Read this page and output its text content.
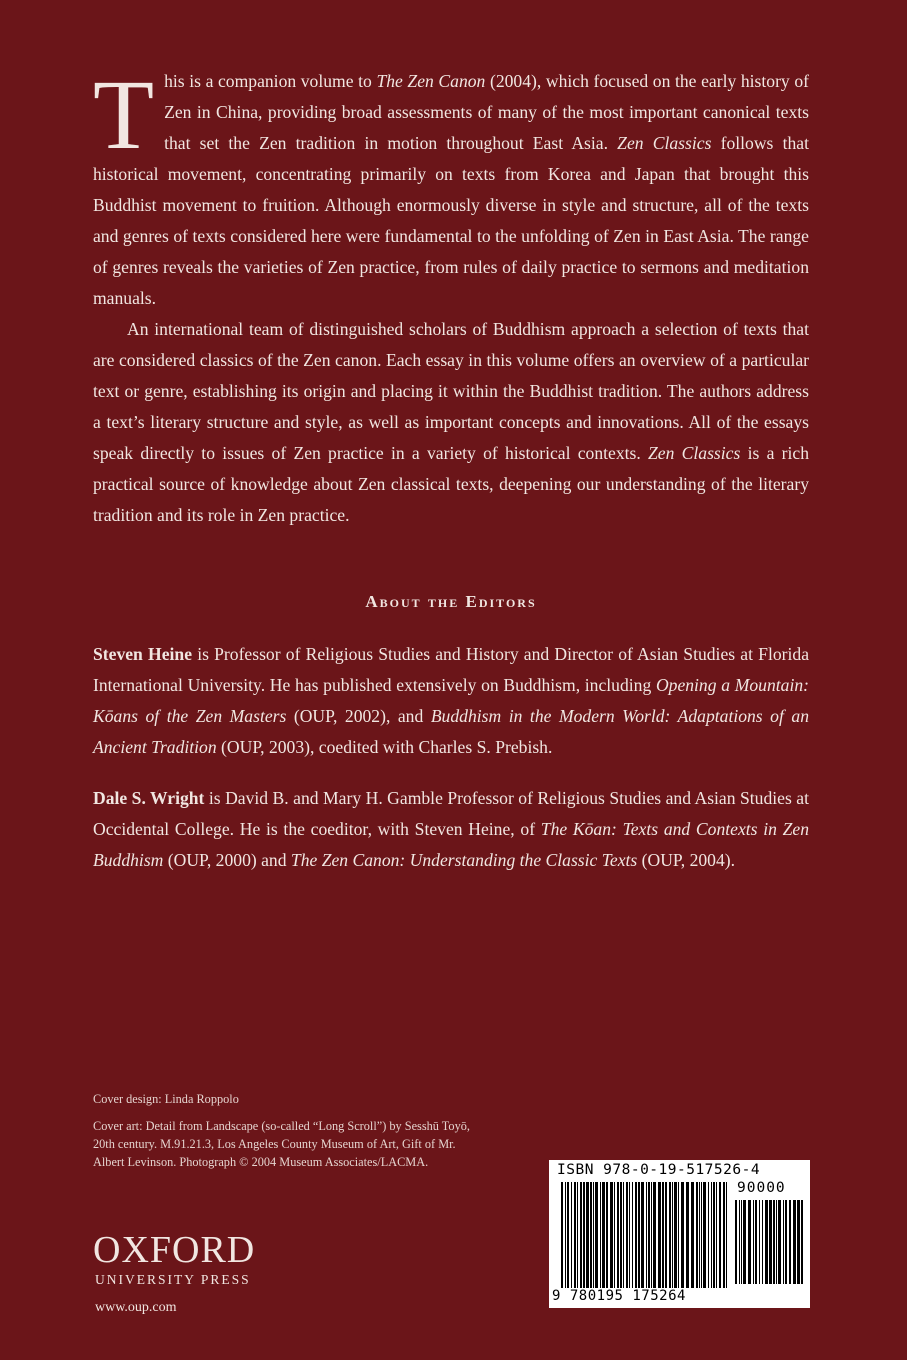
T his is a companion volume to The Zen Canon (2004), which focused on the early history of Zen in China, providing broad assessments of many of the most important canonical texts that set the Zen tradition in motion throughout East Asia. Zen Classics follows that historical movement, concentrating primarily on texts from Korea and Japan that brought this Buddhist movement to fruition. Although enormously diverse in style and structure, all of the texts and genres of texts considered here were fundamental to the unfolding of Zen in East Asia. The range of genres reveals the varieties of Zen practice, from rules of daily practice to sermons and meditation manuals.

An international team of distinguished scholars of Buddhism approach a selection of texts that are considered classics of the Zen canon. Each essay in this volume offers an overview of a particular text or genre, establishing its origin and placing it within the Buddhist tradition. The authors address a text’s literary structure and style, as well as important concepts and innovations. All of the essays speak directly to issues of Zen practice in a variety of historical contexts. Zen Classics is a rich practical source of knowledge about Zen classical texts, deepening our understanding of the literary tradition and its role in Zen practice.

About the Editors

Steven Heine is Professor of Religious Studies and History and Director of Asian Studies at Florida International University. He has published extensively on Buddhism, including Opening a Mountain: Kōans of the Zen Masters (OUP, 2002), and Buddhism in the Modern World: Adaptations of an Ancient Tradition (OUP, 2003), coedited with Charles S. Prebish.

Dale S. Wright is David B. and Mary H. Gamble Professor of Religious Studies and Asian Studies at Occidental College. He is the coeditor, with Steven Heine, of The Kōan: Texts and Contexts in Zen Buddhism (OUP, 2000) and The Zen Canon: Understanding the Classic Texts (OUP, 2004).

Cover design: Linda Roppolo

Cover art: Detail from Landscape (so-called “Long Scroll”) by Sesshū Toyō, 20th century. M.91.21.3, Los Angeles County Museum of Art, Gift of Mr. Albert Levinson. Photograph © 2004 Museum Associates/LACMA.

OXFORD
UNIVERSITY PRESS
www.oup.com
ISBN 978-0-19-517526-4
90000
9 780195 175264
